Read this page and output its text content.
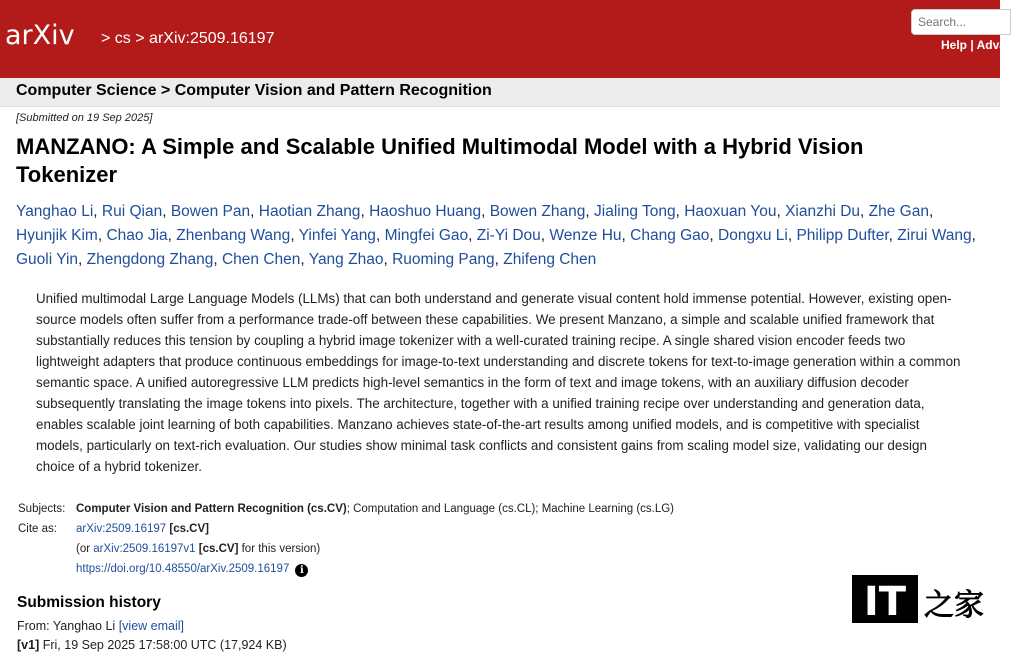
arXiv > cs > arXiv:2509.16197
Search...	Help | Adva
Computer Science > Computer Vision and Pattern Recognition
[Submitted on 19 Sep 2025]
MANZANO: A Simple and Scalable Unified Multimodal Model with a Hybrid Vision Tokenizer
Yanghao Li, Rui Qian, Bowen Pan, Haotian Zhang, Haoshuo Huang, Bowen Zhang, Jialing Tong, Haoxuan You, Xianzhi Du, Zhe Gan, Hyunjik Kim, Chao Jia, Zhenbang Wang, Yinfei Yang, Mingfei Gao, Zi-Yi Dou, Wenze Hu, Chang Gao, Dongxu Li, Philipp Dufter, Zirui Wang, Guoli Yin, Zhengdong Zhang, Chen Chen, Yang Zhao, Ruoming Pang, Zhifeng Chen
Unified multimodal Large Language Models (LLMs) that can both understand and generate visual content hold immense potential. However, existing open-source models often suffer from a performance trade-off between these capabilities. We present Manzano, a simple and scalable unified framework that substantially reduces this tension by coupling a hybrid image tokenizer with a well-curated training recipe. A single shared vision encoder feeds two lightweight adapters that produce continuous embeddings for image-to-text understanding and discrete tokens for text-to-image generation within a common semantic space. A unified autoregressive LLM predicts high-level semantics in the form of text and image tokens, with an auxiliary diffusion decoder subsequently translating the image tokens into pixels. The architecture, together with a unified training recipe over understanding and generation data, enables scalable joint learning of both capabilities. Manzano achieves state-of-the-art results among unified models, and is competitive with specialist models, particularly on text-rich evaluation. Our studies show minimal task conflicts and consistent gains from scaling model size, validating our design choice of a hybrid tokenizer.
Subjects: Computer Vision and Pattern Recognition (cs.CV); Computation and Language (cs.CL); Machine Learning (cs.LG)
Cite as: arXiv:2509.16197 [cs.CV]
(or arXiv:2509.16197v1 [cs.CV] for this version)
https://doi.org/10.48550/arXiv.2509.16197 i
Submission history
From: Yanghao Li [view email]
[v1] Fri, 19 Sep 2025 17:58:00 UTC (17,924 KB)
IT 之家
